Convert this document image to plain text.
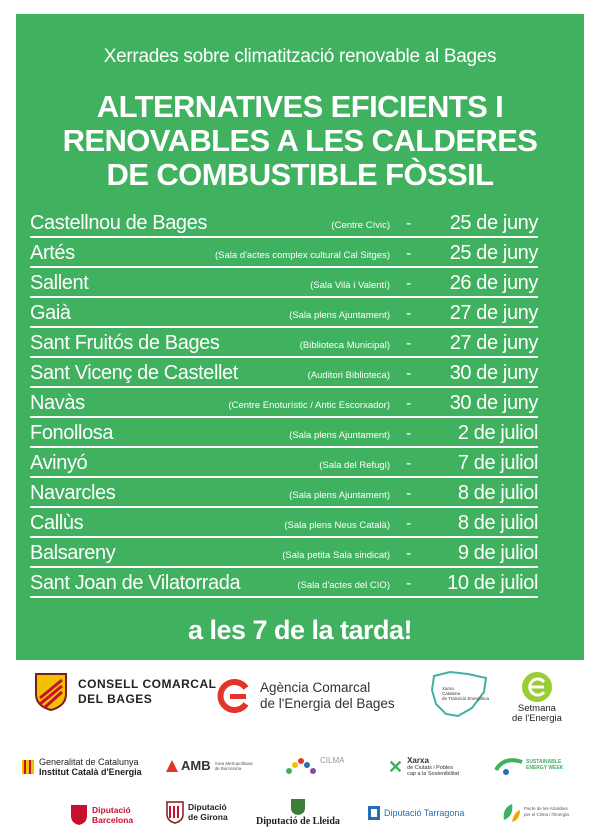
Xerrades sobre climatització renovable al Bages
ALTERNATIVES EFICIENTS I
RENOVABLES A LES CALDERES
DE COMBUSTIBLE FÒSSIL
Castellnou de Bages	(Centre Cívic) - 25 de juny
Artés	(Sala d'actes complex cultural Cal Sitges) - 25 de juny
Sallent	(Sala Vilà i Valentí) - 26 de juny
Gaià	(Sala plens Ajuntament) - 27 de juny
Sant Fruitós de Bages	(Biblioteca Municipal) - 27 de juny
Sant Vicenç de Castellet	(Auditori Biblioteca) - 30 de juny
Navàs	(Centre Enoturístic / Antic Escorxador) - 30 de juny
Fonollosa	(Sala plens Ajuntament) - 2 de juliol
Avinyó	(Sala del Refugi) - 7 de juliol
Navarcles	(Sala plens Ajuntament) - 8 de juliol
Callùs	(Sala plens Neus Català) - 8 de juliol
Balsareny	(Sala petita Sala sindicat) - 9 de juliol
Sant Joan de Vilatorrada	(Sala d'actes del CIO) - 10 de juliol
a les 7 de la tarda!
CONSELL COMARCAL
DEL BAGES
Agència Comarcal
de l'Energia del Bages
Xarxa
Catalana
de Transició Energètica
Setmana
de l'Energia
Generalitat de Catalunya
Institut Català d'Energia	AMB Àrea Metropolitana
de Barcelona
CILMA ✕ Xarxa
de Ciutats i Pobles
cap a la Sostenibilitat
SUSTAINABLE
ENERGY WEEK
Diputació
Barcelona
Diputació
de Girona	Diputació de Lleida
Diputació Tarragona	Pacte de les Alcaldies
per el Clima i l'Energia
